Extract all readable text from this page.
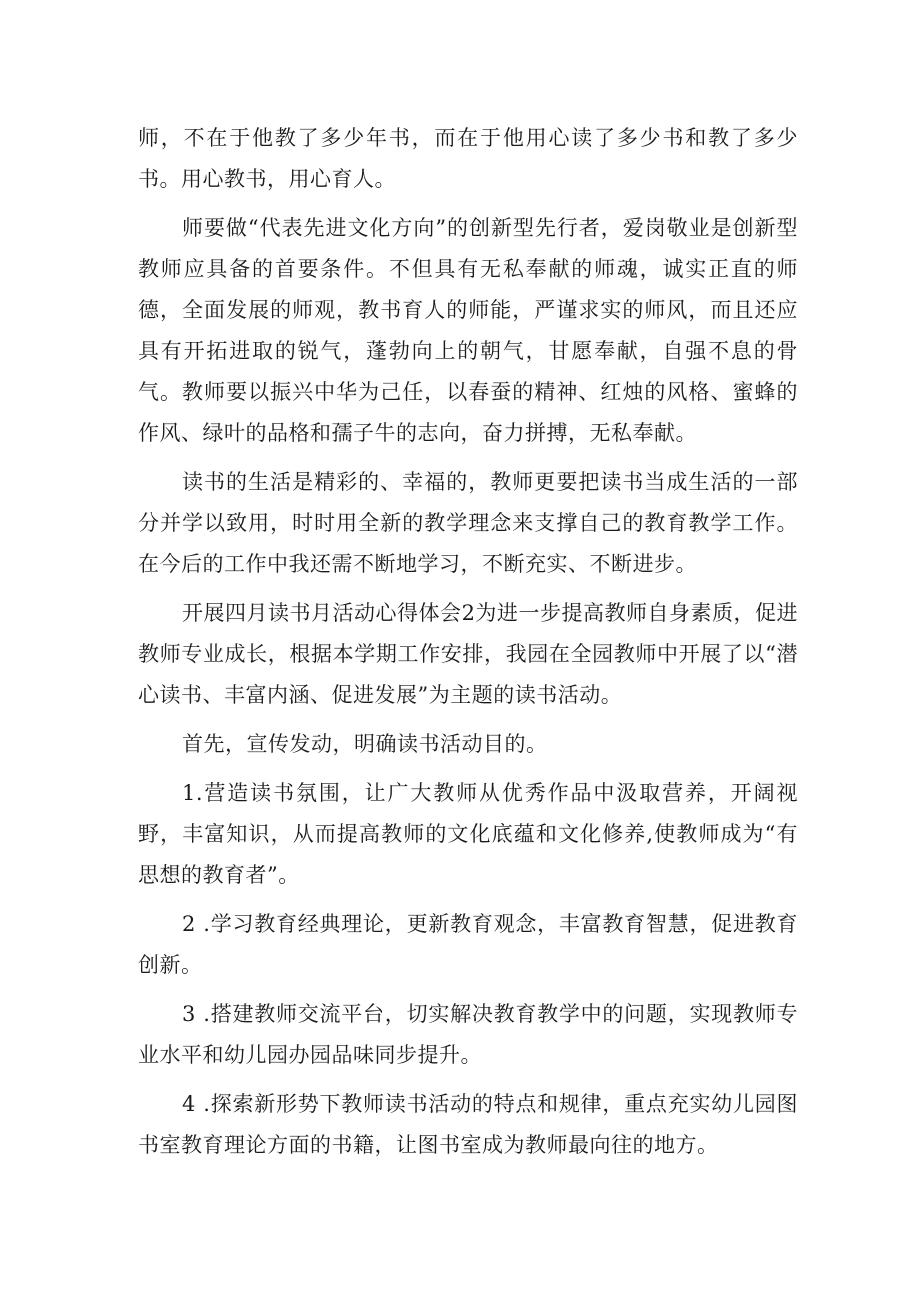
师，不在于他教了多少年书，而在于他用心读了多少书和教了多少书。用心教书，用心育人。

师要做“代表先进文化方向”的创新型先行者，爱岗敬业是创新型教师应具备的首要条件。不但具有无私奉献的师魂，诚实正直的师德，全面发展的师观，教书育人的师能，严谨求实的师风，而且还应具有开拓进取的锐气，蓬勃向上的朝气，甘愿奉献，自强不息的骨气。教师要以振兴中华为己任，以春蚕的精神、红烛的风格、蜜蜂的作风、绿叶的品格和孺子牛的志向，奋力拼搏，无私奉献。

读书的生活是精彩的、幸福的，教师更要把读书当成生活的一部分并学以致用，时时用全新的教学理念来支撑自己的教育教学工作。在今后的工作中我还需不断地学习，不断充实、不断进步。

开展四月读书月活动心得体会2为进一步提高教师自身素质，促进教师专业成长，根据本学期工作安排，我园在全园教师中开展了以“潜心读书、丰富内涵、促进发展”为主题的读书活动。

首先，宣传发动，明确读书活动目的。

1.营造读书氛围，让广大教师从优秀作品中汲取营养，开阔视野，丰富知识，从而提高教师的文化底蕴和文化修养,使教师成为“有思想的教育者”。

2 .学习教育经典理论，更新教育观念，丰富教育智慧，促进教育创新。

3 .搭建教师交流平台，切实解决教育教学中的问题，实现教师专业水平和幼儿园办园品味同步提升。

4 .探索新形势下教师读书活动的特点和规律，重点充实幼儿园图书室教育理论方面的书籍，让图书室成为教师最向往的地方。
